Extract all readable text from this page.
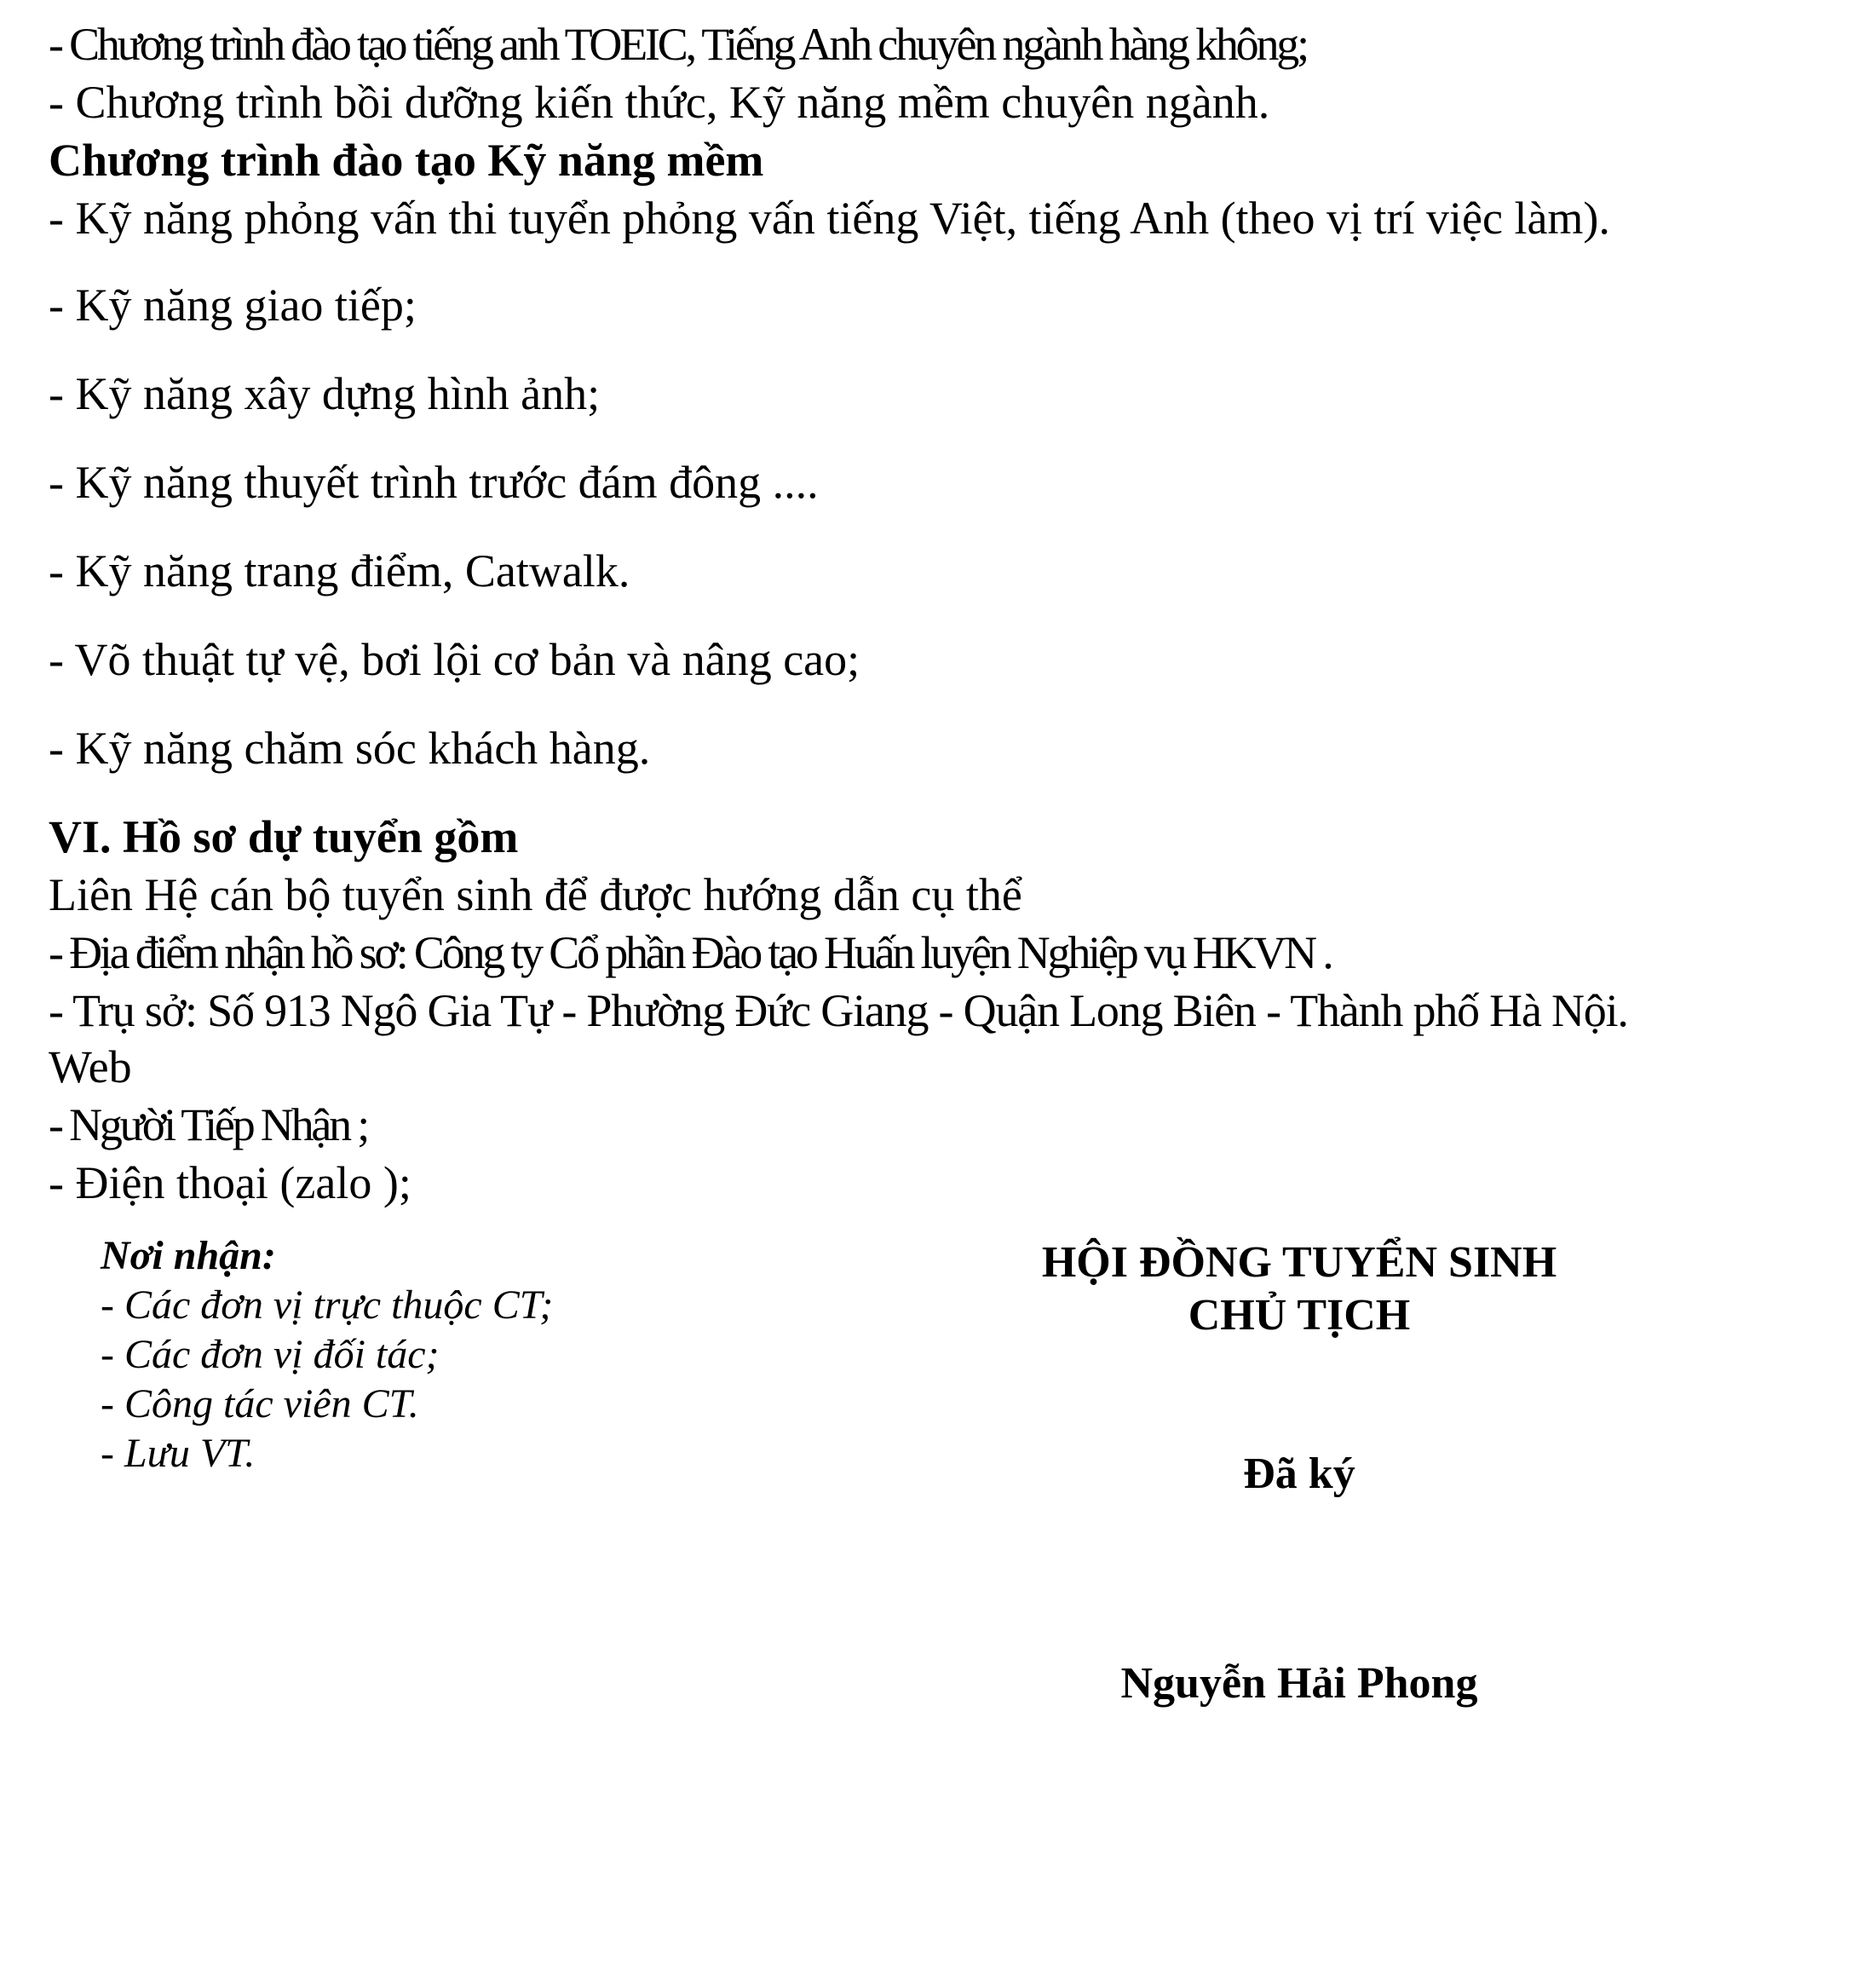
- Chương trình đào tạo tiếng anh TOEIC, Tiếng Anh chuyên ngành hàng không;
- Chương trình bồi dưỡng kiến thức, Kỹ năng mềm chuyên ngành.
Chương trình đào tạo Kỹ năng mềm
- Kỹ năng phỏng vấn thi tuyển phỏng vấn tiếng Việt, tiếng Anh (theo vị trí việc làm).
- Kỹ năng giao tiếp;
- Kỹ năng xây dựng hình ảnh;
- Kỹ năng thuyết trình trước đám đông ....
- Kỹ năng trang điểm, Catwalk.
- Võ thuật tự vệ, bơi lội cơ bản và nâng cao;
- Kỹ năng chăm sóc khách hàng.
VI. Hồ sơ dự tuyển gồm
Liên Hệ cán bộ tuyển sinh để được hướng dẫn cụ thể
- Địa điểm nhận hồ sơ: Công ty Cổ phần Đào tạo Huấn luyện Nghiệp vụ HKVN .
- Trụ sở: Số 913 Ngô Gia Tự - Phường Đức Giang - Quận Long Biên - Thành phố Hà Nội.
Web
- Người Tiếp Nhận ;
- Điện thoại (zalo );
Nơi nhận:
- Các đơn vị trực thuộc CT;
- Các đơn vị đối tác;
- Công tác viên CT.
- Lưu VT.
HỘI ĐỒNG TUYỂN SINH
CHỦ TỊCH
Đã ký
Nguyễn Hải Phong
